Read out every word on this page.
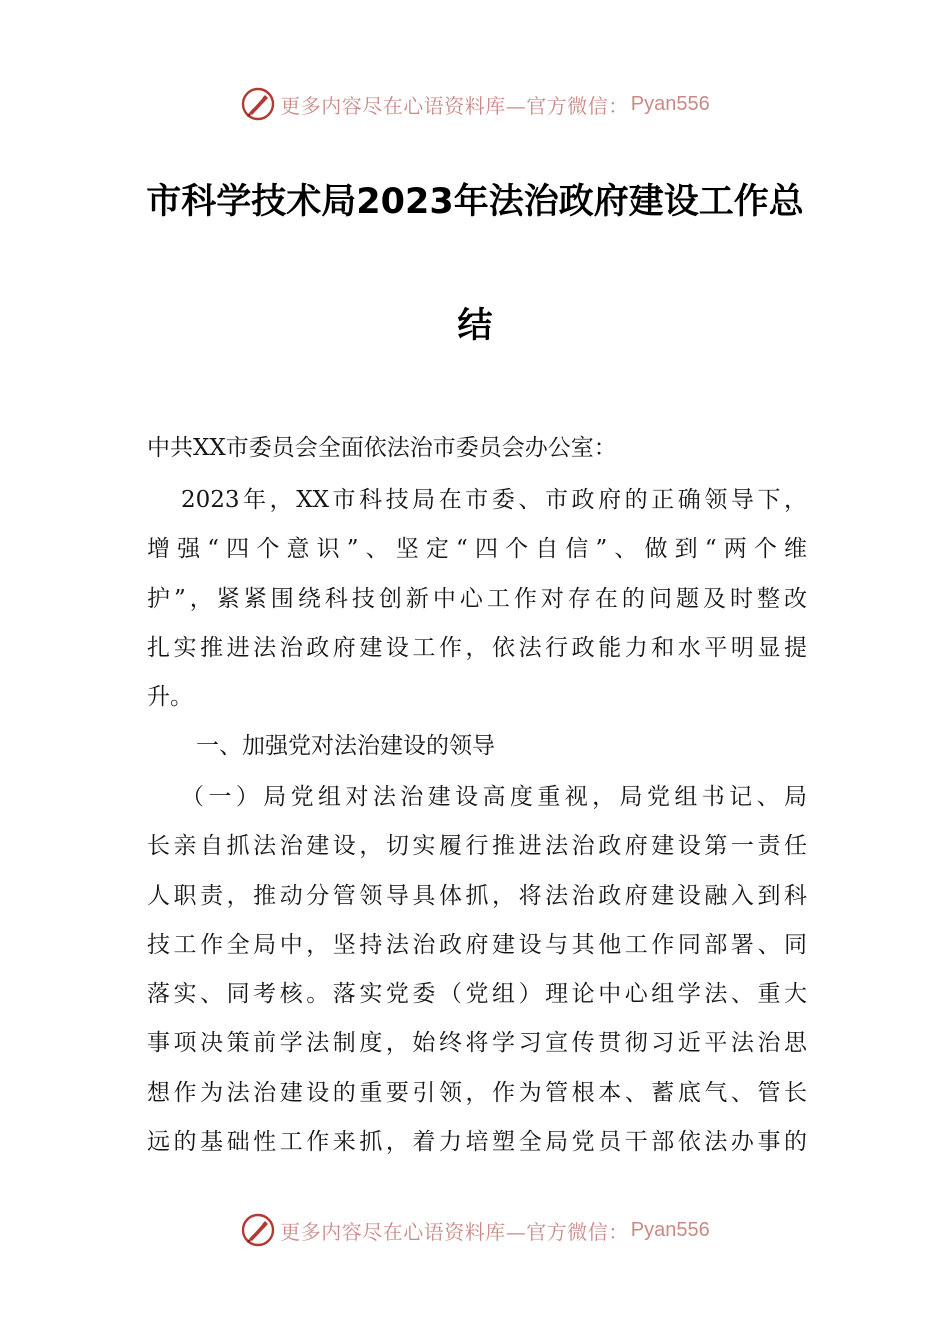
更多内容尽在心语资料库—官方微信： Pyan556
市科学技术局2023年法治政府建设工作总
结
中共XX市委员会全面依法治市委员会办公室：
2023年，XX市科技局在市委、市政府的正确领导下，
增强“四个意识”、坚定“四个自信”、做到“两个维
护”，紧紧围绕科技创新中心工作对存在的问题及时整改
扎实推进法治政府建设工作，依法行政能力和水平明显提
升。
一、加强党对法治建设的领导
（一）局党组对法治建设高度重视，局党组书记、局
长亲自抓法治建设，切实履行推进法治政府建设第一责任
人职责，推动分管领导具体抓，将法治政府建设融入到科
技工作全局中，坚持法治政府建设与其他工作同部署、同
落实、同考核。落实党委（党组）理论中心组学法、重大
事项决策前学法制度，始终将学习宣传贯彻习近平法治思
想作为法治建设的重要引领，作为管根本、蓄底气、管长
远的基础性工作来抓，着力培塑全局党员干部依法办事的
更多内容尽在心语资料库—官方微信： Pyan556
